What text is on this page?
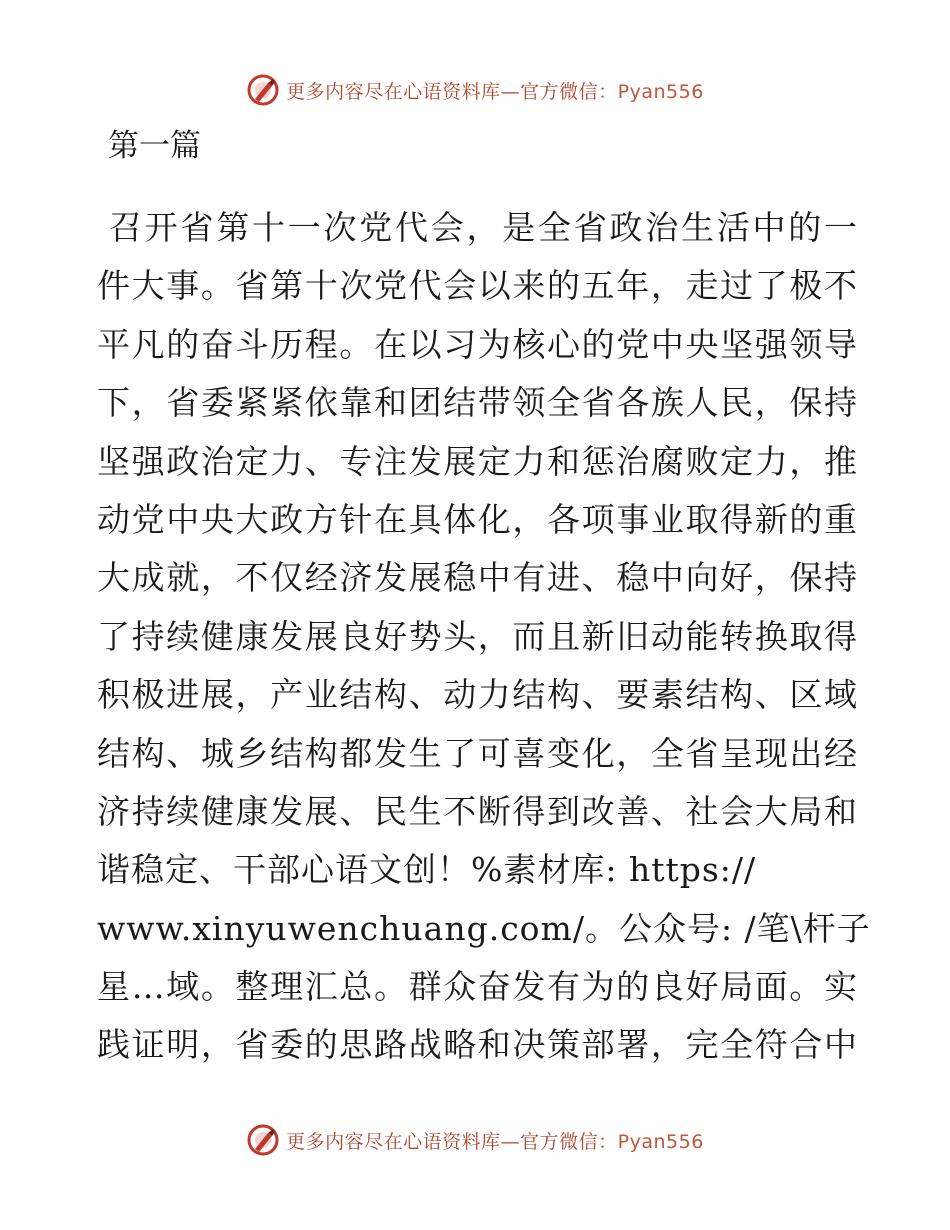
更多内容尽在心语资料库—官方微信：Pyan556
第一篇
召开省第十一次党代会，是全省政治生活中的一
件大事。省第十次党代会以来的五年，走过了极不
平凡的奋斗历程。在以习为核心的党中央坚强领导
下，省委紧紧依靠和团结带领全省各族人民，保持
坚强政治定力、专注发展定力和惩治腐败定力，推
动党中央大政方针在具体化，各项事业取得新的重
大成就，不仅经济发展稳中有进、稳中向好，保持
了持续健康发展良好势头，而且新旧动能转换取得
积极进展，产业结构、动力结构、要素结构、区域
结构、城乡结构都发生了可喜变化，全省呈现出经
济持续健康发展、民生不断得到改善、社会大局和
谐稳定、干部心语文创！%素材库: https://
www.xinyuwenchuang.com/。公众号: /笔\杆子
星…域。整理汇总。群众奋发有为的良好局面。实
践证明，省委的思路战略和决策部署，完全符合中
更多内容尽在心语资料库—官方微信：Pyan556
